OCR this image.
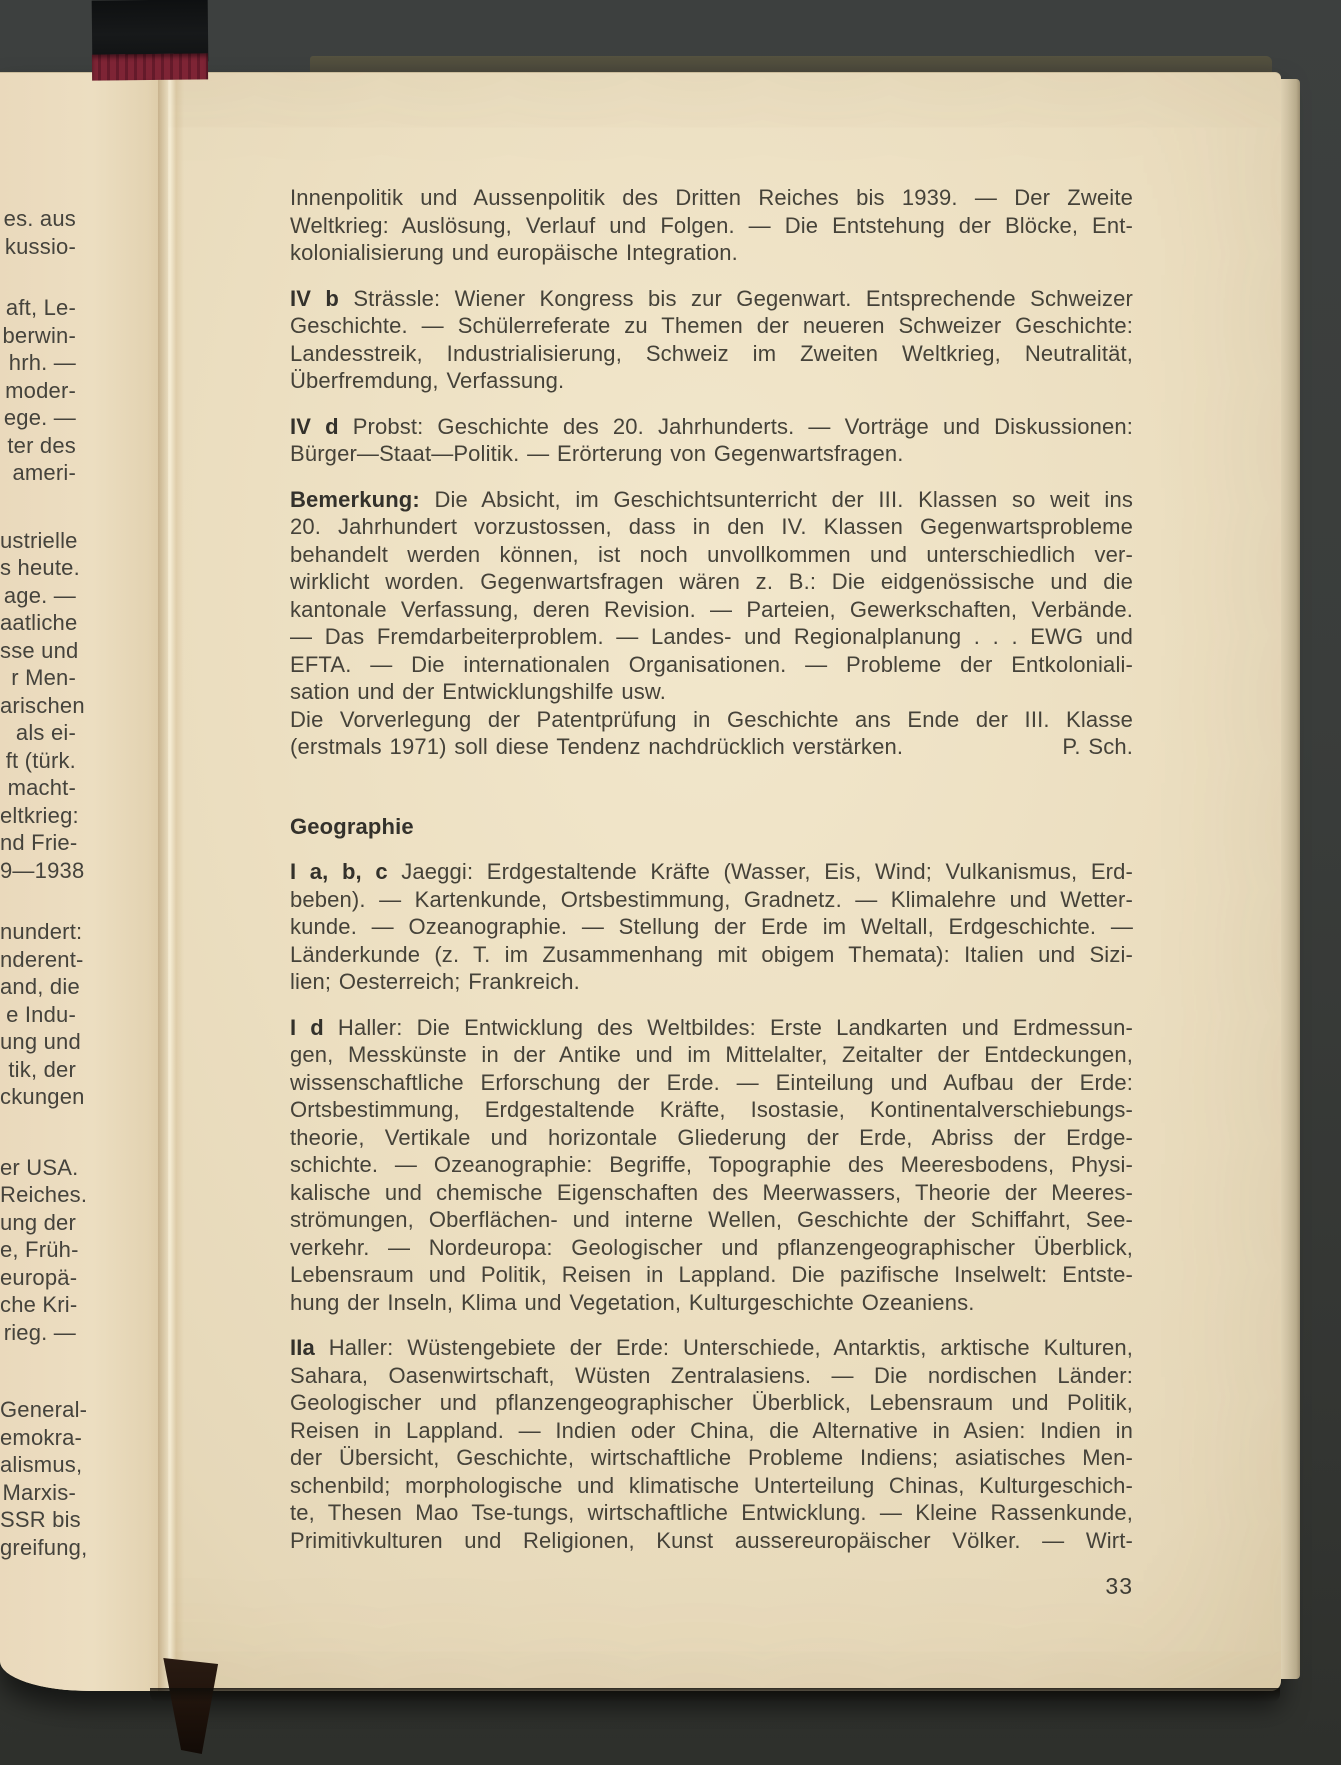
es. aus
kussio-
aft, Le-
berwin-
hrh. —
moder-
ege. —
ter des
ameri-
ustrielle
s heute.
age. —
aatliche
sse und
r Men-
arischen
als ei-
ft (türk.
macht-
eltkrieg:
nd Frie-
9—1938
nundert:
nderent-
and, die
e Indu-
ung und
tik, der
ckungen
er USA.
Reiches.
ung der
e, Früh-
europä-
che Kri-
rieg. —
General-
emokra-
alismus,
Marxis-
SSR bis
greifung,
Innenpolitik und Aussenpolitik des Dritten Reiches bis 1939. — Der Zweite
Weltkrieg: Auslösung, Verlauf und Folgen. — Die Entstehung der Blöcke, Ent-
kolonialisierung und europäische Integration.
IV b Strässle: Wiener Kongress bis zur Gegenwart. Entsprechende Schweizer
Geschichte. — Schülerreferate zu Themen der neueren Schweizer Geschichte:
Landesstreik, Industrialisierung, Schweiz im Zweiten Weltkrieg, Neutralität,
Überfremdung, Verfassung.
IV d Probst: Geschichte des 20. Jahrhunderts. — Vorträge und Diskussionen:
Bürger—Staat—Politik. — Erörterung von Gegenwartsfragen.
Bemerkung: Die Absicht, im Geschichtsunterricht der III. Klassen so weit ins
20. Jahrhundert vorzustossen, dass in den IV. Klassen Gegenwartsprobleme
behandelt werden können, ist noch unvollkommen und unterschiedlich ver-
wirklicht worden. Gegenwartsfragen wären z. B.: Die eidgenössische und die
kantonale Verfassung, deren Revision. — Parteien, Gewerkschaften, Verbände.
— Das Fremdarbeiterproblem. — Landes- und Regionalplanung . . . EWG und
EFTA. — Die internationalen Organisationen. — Probleme der Entkoloniali-
sation und der Entwicklungshilfe usw.
Die Vorverlegung der Patentprüfung in Geschichte ans Ende der III. Klasse
(erstmals 1971) soll diese Tendenz nachdrücklich verstärken.	P. Sch.
Geographie
I a, b, c Jaeggi: Erdgestaltende Kräfte (Wasser, Eis, Wind; Vulkanismus, Erd-
beben). — Kartenkunde, Ortsbestimmung, Gradnetz. — Klimalehre und Wetter-
kunde. — Ozeanographie. — Stellung der Erde im Weltall, Erdgeschichte. —
Länderkunde (z. T. im Zusammenhang mit obigem Themata): Italien und Sizi-
lien; Oesterreich; Frankreich.
I d Haller: Die Entwicklung des Weltbildes: Erste Landkarten und Erdmessun-
gen, Messkünste in der Antike und im Mittelalter, Zeitalter der Entdeckungen,
wissenschaftliche Erforschung der Erde. — Einteilung und Aufbau der Erde:
Ortsbestimmung, Erdgestaltende Kräfte, Isostasie, Kontinentalverschiebungs-
theorie, Vertikale und horizontale Gliederung der Erde, Abriss der Erdge-
schichte. — Ozeanographie: Begriffe, Topographie des Meeresbodens, Physi-
kalische und chemische Eigenschaften des Meerwassers, Theorie der Meeres-
strömungen, Oberflächen- und interne Wellen, Geschichte der Schiffahrt, See-
verkehr. — Nordeuropa: Geologischer und pflanzengeographischer Überblick,
Lebensraum und Politik, Reisen in Lappland. Die pazifische Inselwelt: Entste-
hung der Inseln, Klima und Vegetation, Kulturgeschichte Ozeaniens.
IIa Haller: Wüstengebiete der Erde: Unterschiede, Antarktis, arktische Kulturen,
Sahara, Oasenwirtschaft, Wüsten Zentralasiens. — Die nordischen Länder:
Geologischer und pflanzengeographischer Überblick, Lebensraum und Politik,
Reisen in Lappland. — Indien oder China, die Alternative in Asien: Indien in
der Übersicht, Geschichte, wirtschaftliche Probleme Indiens; asiatisches Men-
schenbild; morphologische und klimatische Unterteilung Chinas, Kulturgeschich-
te, Thesen Mao Tse-tungs, wirtschaftliche Entwicklung. — Kleine Rassenkunde,
Primitivkulturen und Religionen, Kunst aussereuropäischer Völker. — Wirt-
33
